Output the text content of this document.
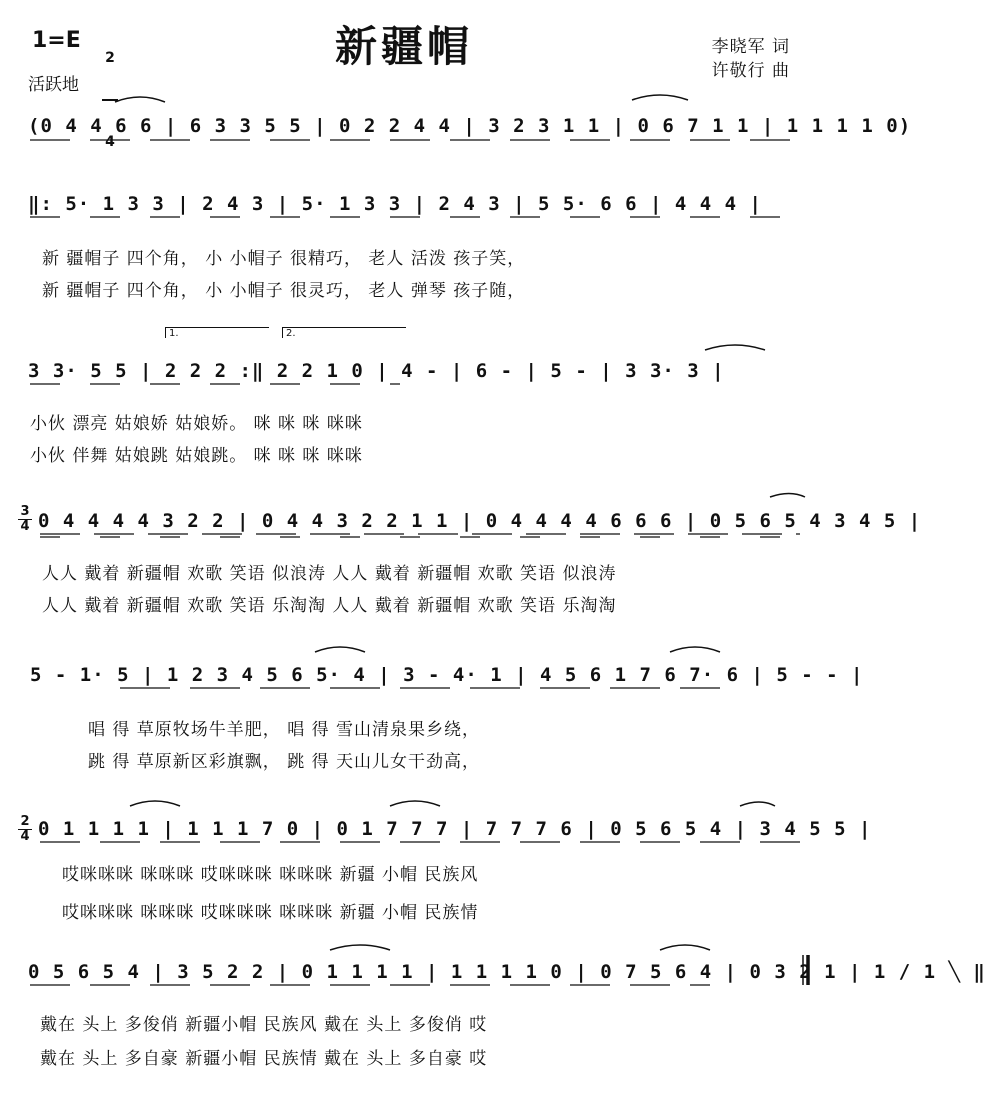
新疆帽
1=E

2

4

活跃地
李晓军 词
许敬行 曲
(0 4 4 6 6 | 6 3 3 5 5 | 0 2 2 4 4 | 3 2 3 1 1 | 0 6 7 1 1 | 1 1 1 1 0)
‖: 5· 1 3 3 | 2 4 3 | 5· 1 3 3 | 2 4 3 | 5 5· 6 6 | 4 4 4 |
新 疆帽子 四个角， 小 小帽子 很精巧， 老人 活泼 孩子笑，
新 疆帽子 四个角， 小 小帽子 很灵巧， 老人 弹琴 孩子随，
1.	2.
3 3· 5 5 | 2 2 2 :‖ 2 2 1 0 | 4 - | 6 - | 5 - | 3 3· 3 |
小伙 漂亮 姑娘娇 姑娘娇。 咪 咪 咪 咪咪
小伙 伴舞 姑娘跳 姑娘跳。 咪 咪 咪 咪咪
3
4 0 4 4 4 4 3 2 2 | 0 4 4 3 2 2 1 1 | 0 4 4 4 4 6 6 6 | 0 5 6 5 4 3 4 5 |
人人 戴着 新疆帽 欢歌 笑语 似浪涛 人人 戴着 新疆帽 欢歌 笑语 似浪涛
人人 戴着 新疆帽 欢歌 笑语 乐淘淘 人人 戴着 新疆帽 欢歌 笑语 乐淘淘
5 - 1· 5 | 1 2 3 4 5 6 5· 4 | 3 - 4· 1 | 4 5 6 1 7 6 7· 6 | 5 - - |
唱 得 草原牧场牛羊肥， 唱 得 雪山清泉果乡绕，
跳 得 草原新区彩旗飘， 跳 得 天山儿女干劲高，
2
4 0 1 1 1 1 | 1 1 1 7 0 | 0 1 7 7 7 | 7 7 7 6 | 0 5 6 5 4 | 3 4 5 5 |
哎咪咪咪 咪咪咪 哎咪咪咪 咪咪咪 新疆 小帽 民族风
哎咪咪咪 咪咪咪 哎咪咪咪 咪咪咪 新疆 小帽 民族情
0 5 6 5 4 | 3 5 2 2 | 0 1 1 1 1 | 1 1 1 1 0 | 0 7 5 6 4 | 0 3 2 1 | 1 ∕ 1 ╲ ‖
戴在 头上 多俊俏 新疆小帽 民族风 戴在 头上 多俊俏 哎
戴在 头上 多自豪 新疆小帽 民族情 戴在 头上 多自豪 哎
